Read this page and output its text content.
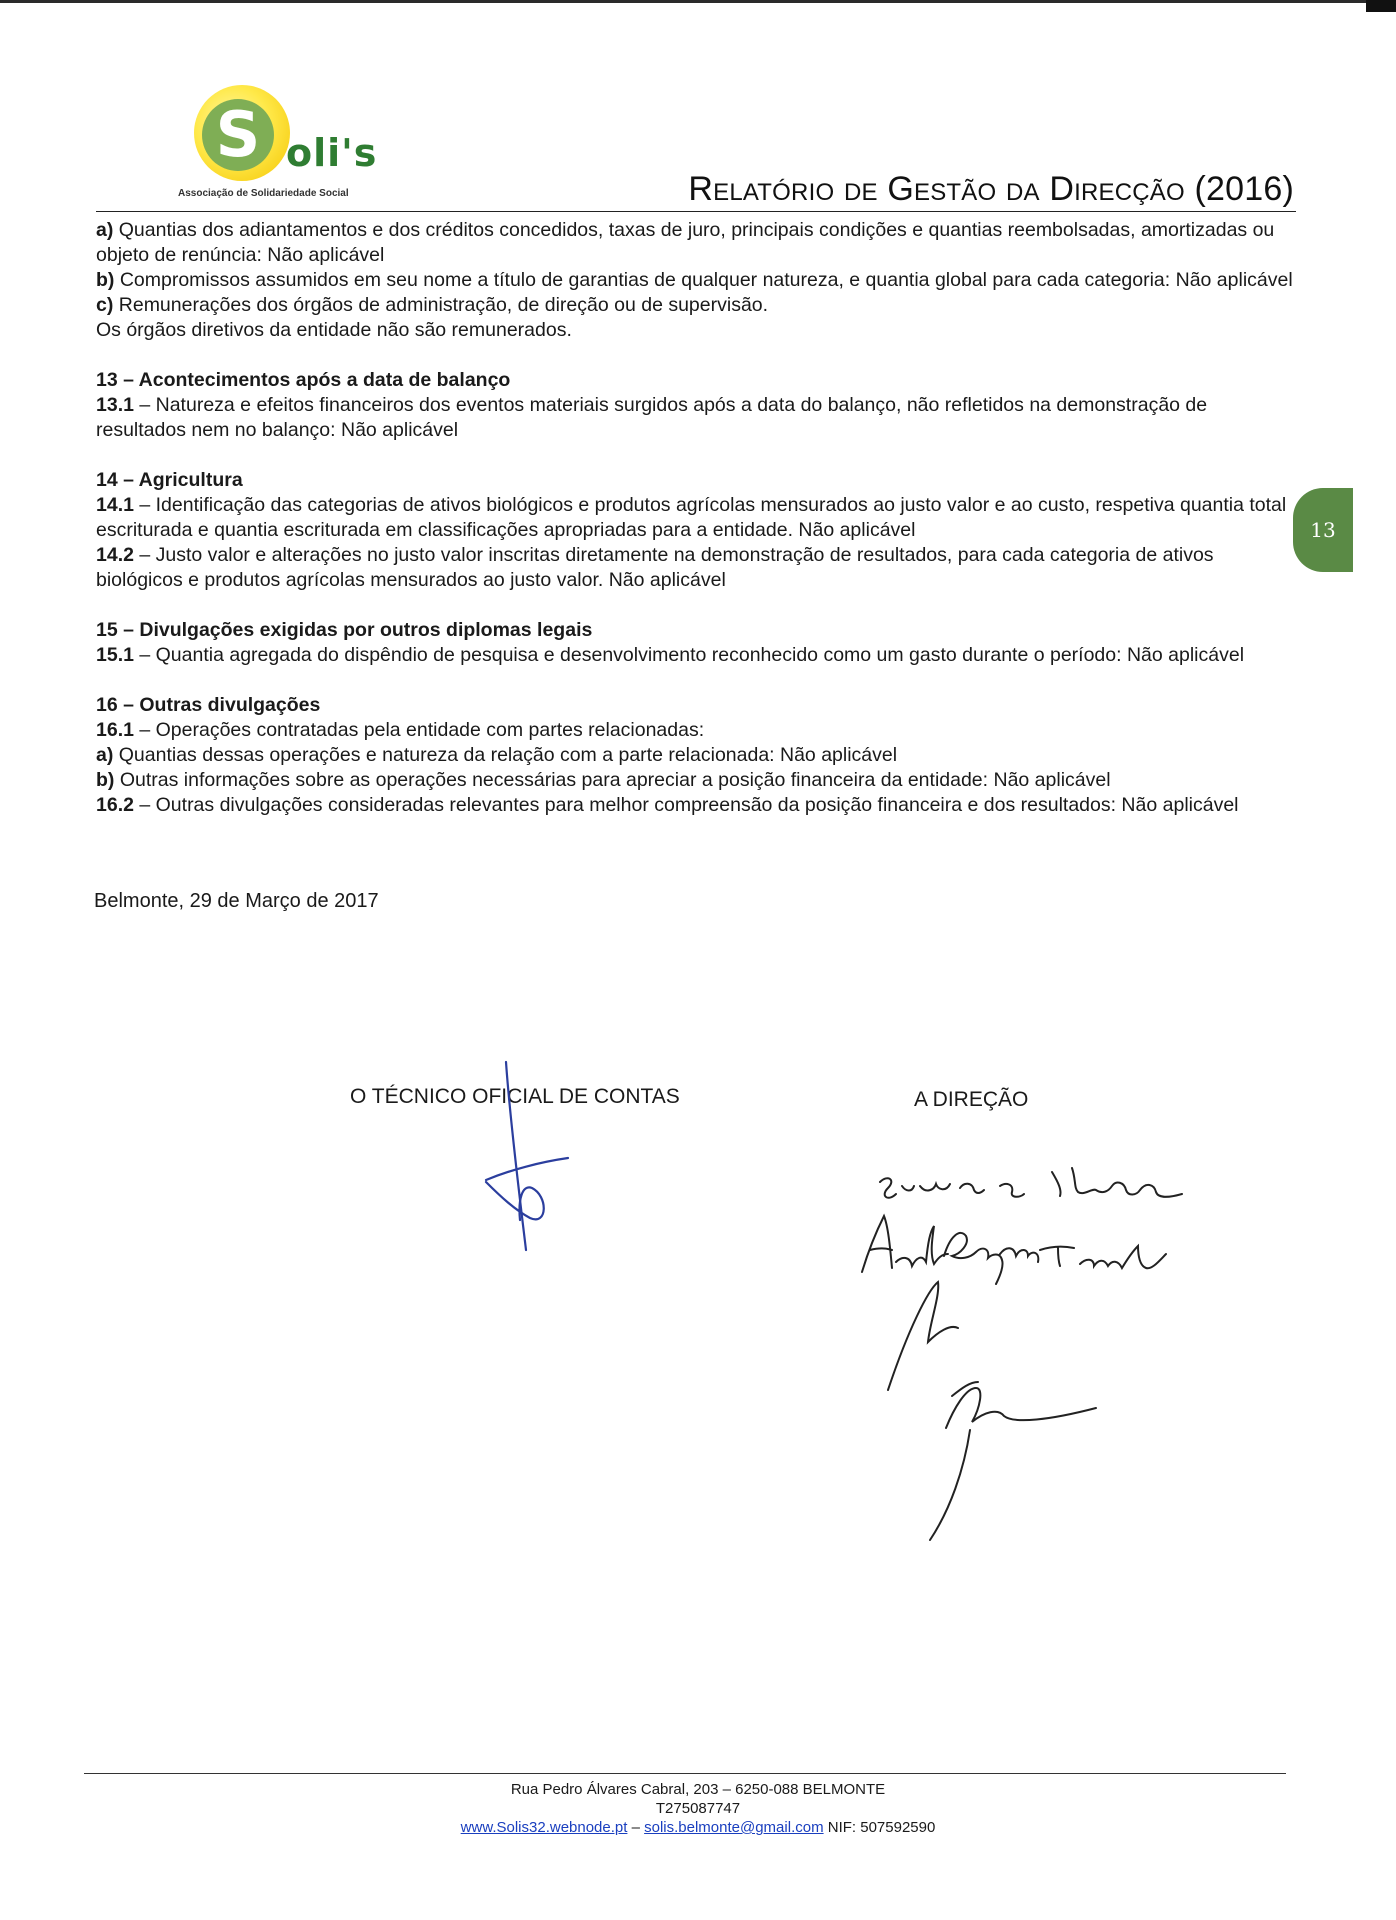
S oli's
Associação de Solidariedade Social	Relatório de Gestão da Direcção (2016)

a) Quantias dos adiantamentos e dos créditos concedidos, taxas de juro, principais condições e quantias reembolsadas, amortizadas ou objeto de renúncia: Não aplicável

b) Compromissos assumidos em seu nome a título de garantias de qualquer natureza, e quantia global para cada categoria: Não aplicável

c) Remunerações dos órgãos de administração, de direção ou de supervisão.

Os órgãos diretivos da entidade não são remunerados.

13 – Acontecimentos após a data de balanço

13.1 – Natureza e efeitos financeiros dos eventos materiais surgidos após a data do balanço, não refletidos na demonstração de resultados nem no balanço: Não aplicável

14 – Agricultura

14.1 – Identificação das categorias de ativos biológicos e produtos agrícolas mensurados ao justo valor e ao custo, respetiva quantia total escriturada e quantia escriturada em classificações apropriadas para a entidade. Não aplicável

14.2 – Justo valor e alterações no justo valor inscritas diretamente na demonstração de resultados, para cada categoria de ativos biológicos e produtos agrícolas mensurados ao justo valor. Não aplicável

15 – Divulgações exigidas por outros diplomas legais

15.1 – Quantia agregada do dispêndio de pesquisa e desenvolvimento reconhecido como um gasto durante o período: Não aplicável

16 – Outras divulgações

16.1 – Operações contratadas pela entidade com partes relacionadas:

a) Quantias dessas operações e natureza da relação com a parte relacionada: Não aplicável

b) Outras informações sobre as operações necessárias para apreciar a posição financeira da entidade: Não aplicável

16.2 – Outras divulgações consideradas relevantes para melhor compreensão da posição financeira e dos resultados: Não aplicável

13
Belmonte, 29 de Março de 2017
O TÉCNICO OFICIAL DE CONTAS	A DIREÇÃO

Rua Pedro Álvares Cabral, 203 – 6250-088 BELMONTE

T275087747

www.Solis32.webnode.pt – solis.belmonte@gmail.com NIF: 507592590
